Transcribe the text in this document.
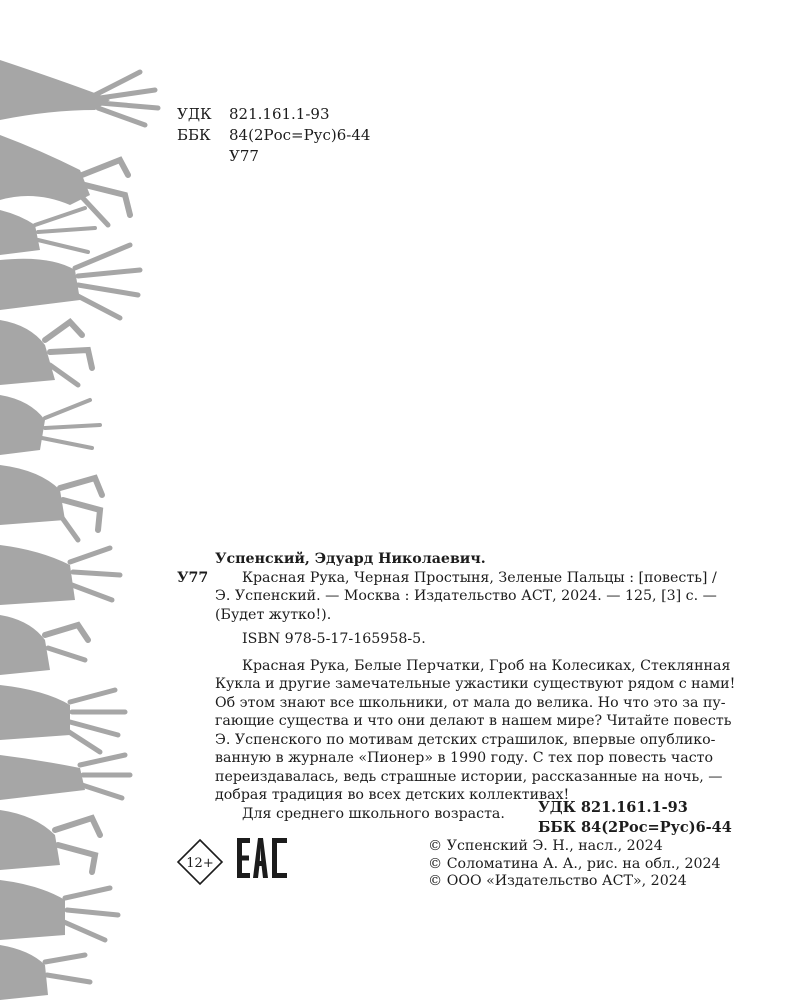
УДК	821.161.1-93
ББК	84(2Рос=Рус)6-44
У77
Успенский, Эдуард Николаевич.
У77	Красная Рука, Черная Простыня, Зеленые Пальцы : [повесть] /
Э. Успенский. — Москва : Издательство АСТ, 2024. — 125, [3] с. —
(Будет жутко!).
ISBN 978-5-17-165958-5.
Красная Рука, Белые Перчатки, Гроб на Колесиках, Стеклянная
Кукла и другие замечательные ужастики существуют рядом с нами!
Об этом знают все школьники, от мала до велика. Но что это за пу-
гающие существа и что они делают в нашем мире? Читайте повесть
Э. Успенского по мотивам детских страшилок, впервые опублико-
ванную в журнале «Пионер» в 1990 году. С тех пор повесть часто
переиздавалась, ведь страшные истории, рассказанные на ночь, —
добрая традиция во всех детских коллективах!
Для среднего школьного возраста.	УДК 821.161.1-93
ББК 84(2Рос=Рус)6-44
12+
© Успенский Э. Н., насл., 2024
© Соломатина А. А., рис. на обл., 2024
© ООО «Издательство АСТ», 2024
